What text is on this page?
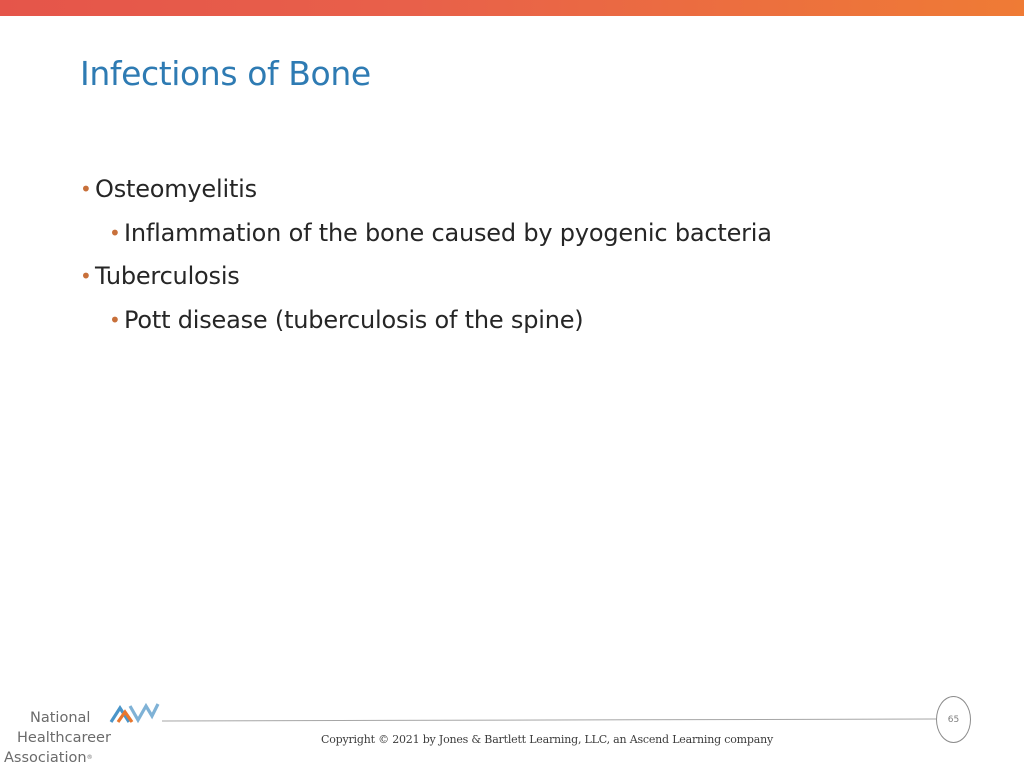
Infections of Bone
• Osteomyelitis
• Inflammation of the bone caused by pyogenic bacteria
• Tuberculosis
• Pott disease (tuberculosis of the spine)
National
Healthcareer
Association®
65
Copyright © 2021 by Jones & Bartlett Learning, LLC, an Ascend Learning company
